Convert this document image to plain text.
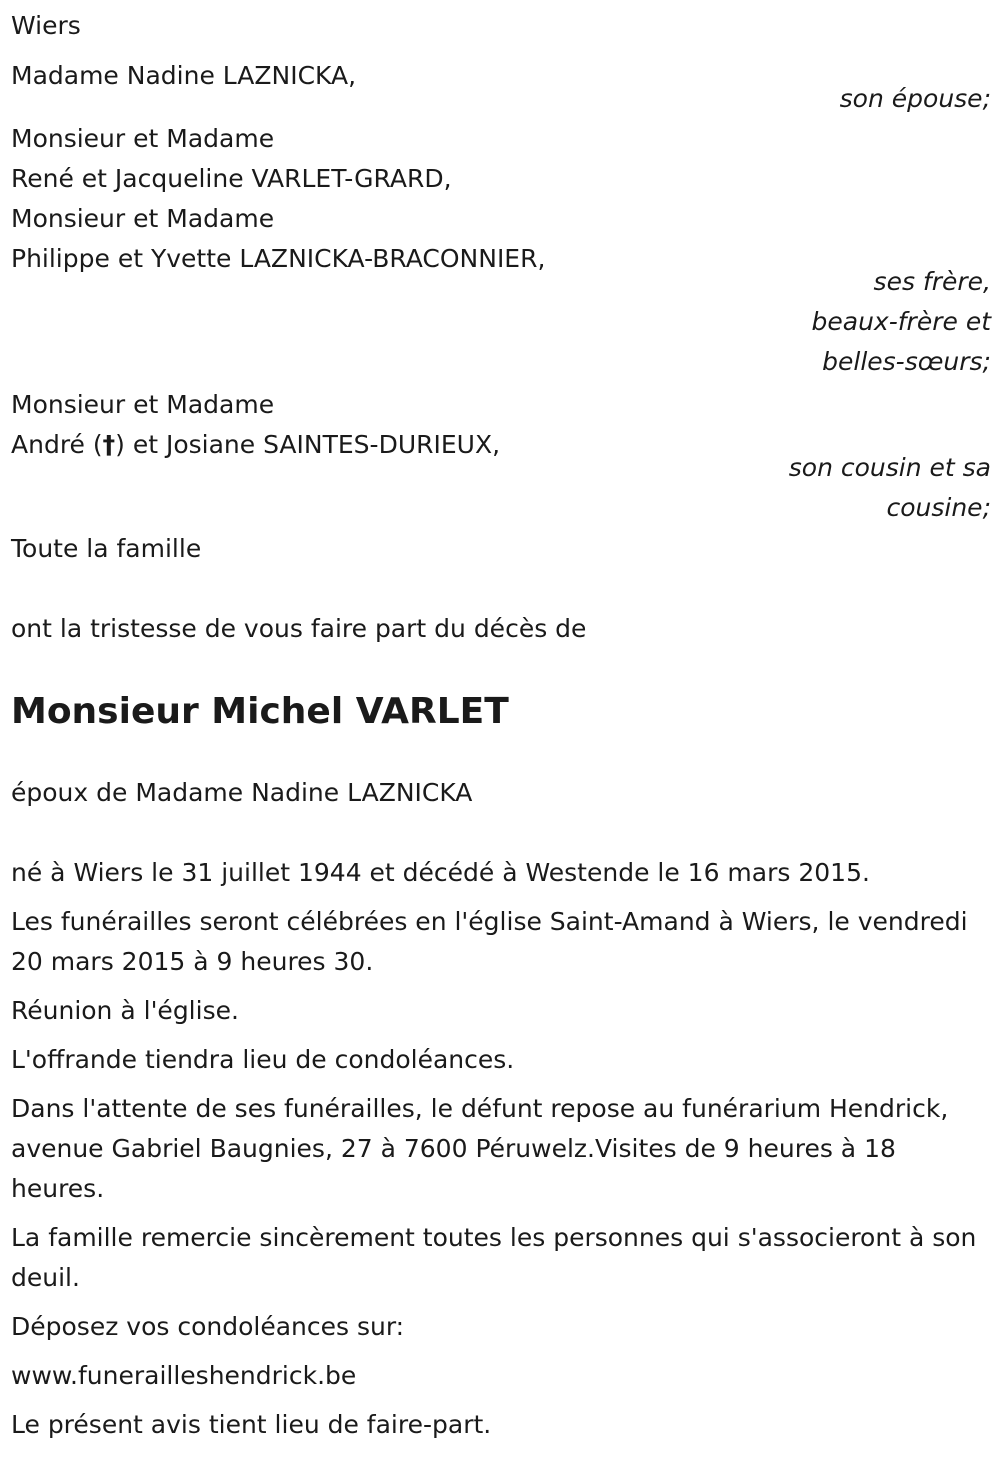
Wiers
Madame Nadine LAZNICKA,
son épouse;
Monsieur et Madame
René et Jacqueline VARLET-GRARD,
Monsieur et Madame
Philippe et Yvette LAZNICKA-BRACONNIER,
ses frère,
beaux-frère et
belles-sœurs;
Monsieur et Madame
André (†) et Josiane SAINTES-DURIEUX,
son cousin et sa
cousine;
Toute la famille
ont la tristesse de vous faire part du décès de
Monsieur Michel VARLET
époux de Madame Nadine LAZNICKA
né à Wiers le 31 juillet 1944 et décédé à Westende le 16 mars 2015.
Les funérailles seront célébrées en l'église Saint-Amand à Wiers, le vendredi 20 mars 2015 à 9 heures 30.
Réunion à l'église.
L'offrande tiendra lieu de condoléances.
Dans l'attente de ses funérailles, le défunt repose au funérarium Hendrick, avenue Gabriel Baugnies, 27 à 7600 Péruwelz.Visites de 9 heures à 18 heures.
La famille remercie sincèrement toutes les personnes qui s'associeront à son deuil.
Déposez vos condoléances sur:
www.funerailleshendrick.be
Le présent avis tient lieu de faire-part.
